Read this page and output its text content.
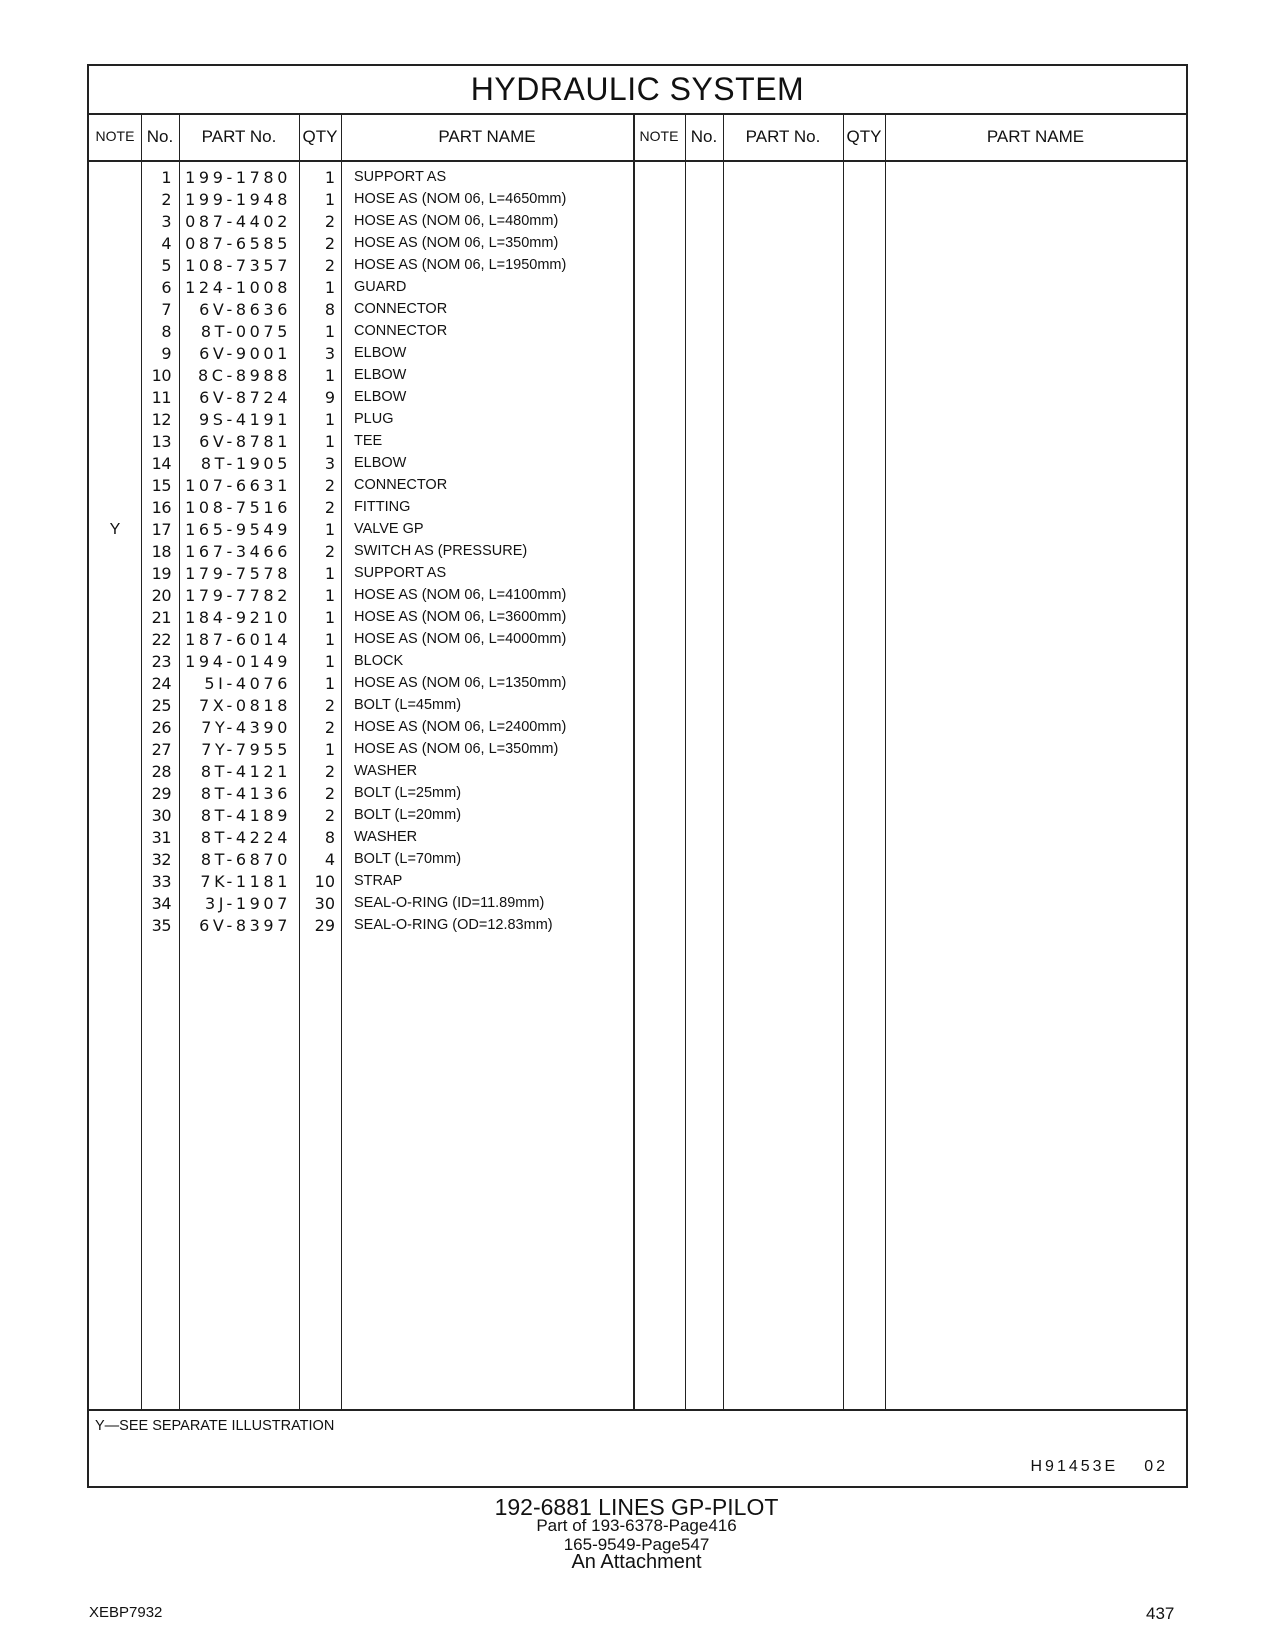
HYDRAULIC SYSTEM
NOTE No.	PART No.	QTY	PART NAME	NOTE No.	PART No.	QTY	PART NAME
1 199-1780	1 SUPPORT AS
2 199-1948	1 HOSE AS (NOM 06, L=4650mm)
3 087-4402	2 HOSE AS (NOM 06, L=480mm)
4 087-6585	2 HOSE AS (NOM 06, L=350mm)
5 108-7357	2 HOSE AS (NOM 06, L=1950mm)
6 124-1008	1 GUARD
7	6V-8636	8 CONNECTOR
8	8T-0075	1 CONNECTOR
9	6V-9001	3 ELBOW
10	8C-8988	1 ELBOW
11	6V-8724	9 ELBOW
12	9S-4191	1 PLUG
13	6V-8781	1 TEE
14	8T-1905	3 ELBOW
15 107-6631	2 CONNECTOR
16 108-7516	2 FITTING
Y	17 165-9549	1 VALVE GP
18 167-3466	2 SWITCH AS (PRESSURE)
19 179-7578	1 SUPPORT AS
20 179-7782	1 HOSE AS (NOM 06, L=4100mm)
21 184-9210	1 HOSE AS (NOM 06, L=3600mm)
22 187-6014	1 HOSE AS (NOM 06, L=4000mm)
23 194-0149	1 BLOCK
24	5I-4076	1 HOSE AS (NOM 06, L=1350mm)
25	7X-0818	2 BOLT (L=45mm)
26	7Y-4390	2 HOSE AS (NOM 06, L=2400mm)
27	7Y-7955	1 HOSE AS (NOM 06, L=350mm)
28	8T-4121	2 WASHER
29	8T-4136	2 BOLT (L=25mm)
30	8T-4189	2 BOLT (L=20mm)
31	8T-4224	8 WASHER
32	8T-6870	4 BOLT (L=70mm)
33	7K-1181	10 STRAP
34	3J-1907	30 SEAL-O-RING (ID=11.89mm)
35	6V-8397	29 SEAL-O-RING (OD=12.83mm)
Y—SEE SEPARATE ILLUSTRATION
H91453E 02
192-6881 LINES GP-PILOT
Part of 193-6378-Page416
165-9549-Page547
An Attachment
XEBP7932	437
